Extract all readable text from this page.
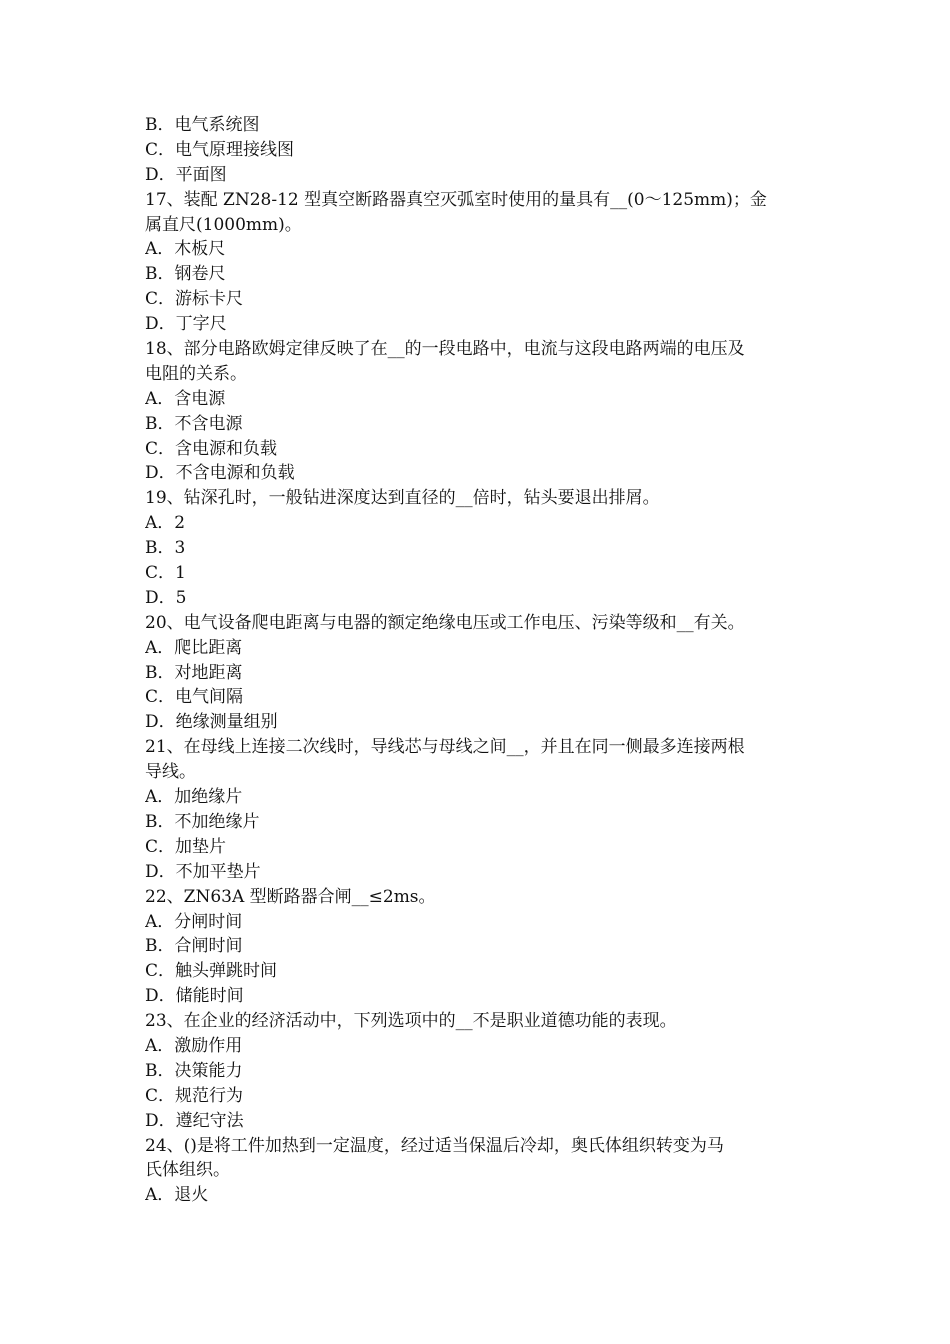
B．电气系统图
C．电气原理接线图
D．平面图
17、装配 ZN28-12 型真空断路器真空灭弧室时使用的量具有__(0～125mm)；金
属直尺(1000mm)。
A．木板尺
B．钢卷尺
C．游标卡尺
D．丁字尺
18、部分电路欧姆定律反映了在__的一段电路中，电流与这段电路两端的电压及
电阻的关系。
A．含电源
B．不含电源
C．含电源和负载
D．不含电源和负载
19、钻深孔时，一般钻进深度达到直径的__倍时，钻头要退出排屑。
A．2
B．3
C．1
D．5
20、电气设备爬电距离与电器的额定绝缘电压或工作电压、污染等级和__有关。
A．爬比距离
B．对地距离
C．电气间隔
D．绝缘测量组别
21、在母线上连接二次线时，导线芯与母线之间__，并且在同一侧最多连接两根
导线。
A．加绝缘片
B．不加绝缘片
C．加垫片
D．不加平垫片
22、ZN63A 型断路器合闸__≤2ms。
A．分闸时间
B．合闸时间
C．触头弹跳时间
D．储能时间
23、在企业的经济活动中，下列选项中的__不是职业道德功能的表现。
A．激励作用
B．决策能力
C．规范行为
D．遵纪守法
24、()是将工件加热到一定温度，经过适当保温后冷却，奥氏体组织转变为马
氏体组织。
A．退火
